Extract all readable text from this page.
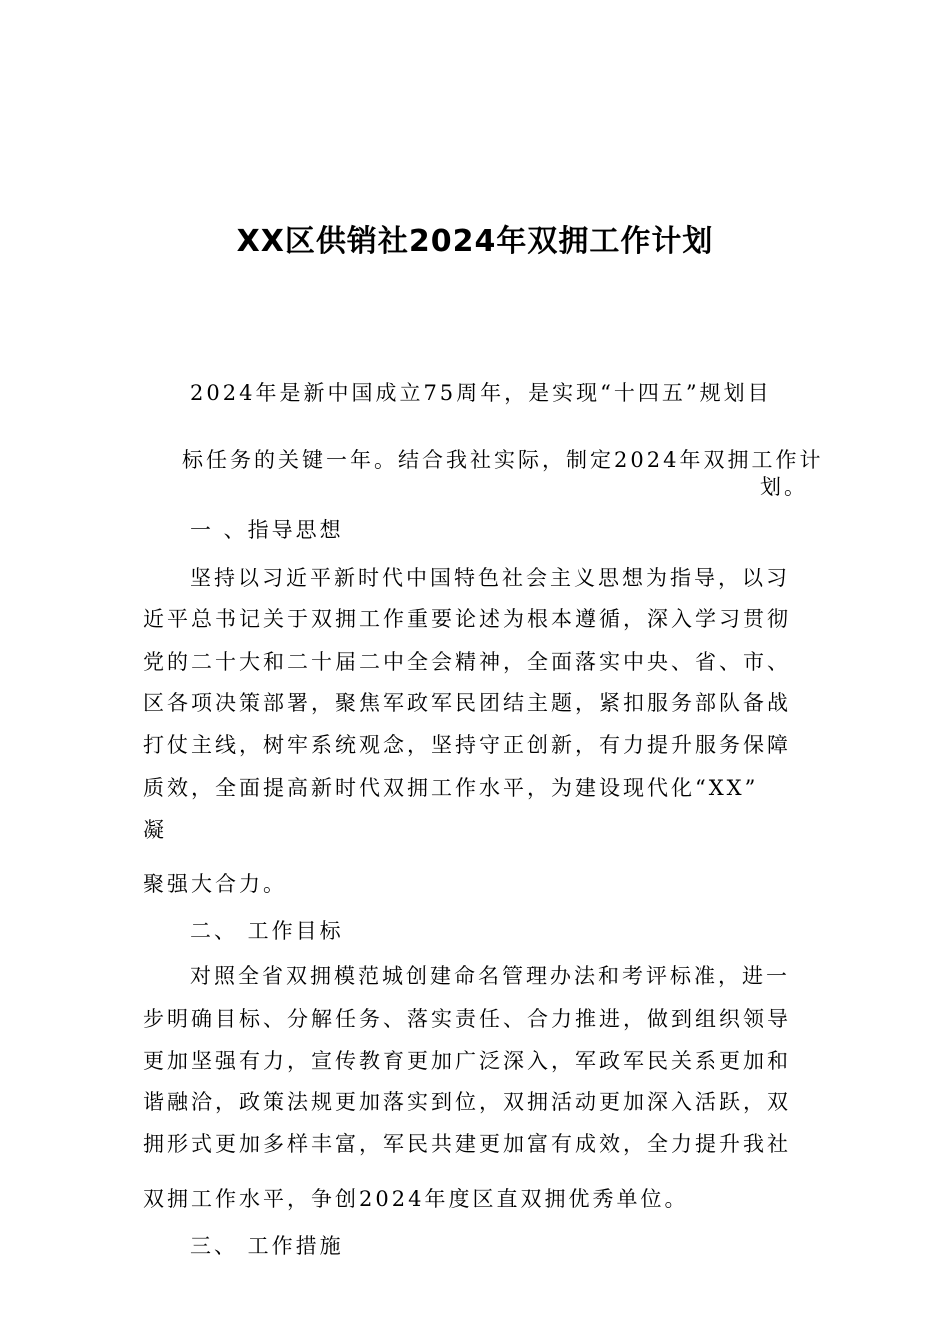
XX区供销社2024年双拥工作计划
2024年是新中国成立75周年，是实现“十四五”规划目
标任务的关键一年。结合我社实际，制定2024年双拥工作计
划。
一 、指导思想
坚持以习近平新时代中国特色社会主义思想为指导，以习
近平总书记关于双拥工作重要论述为根本遵循，深入学习贯彻
党的二十大和二十届二中全会精神，全面落实中央、省、市、
区各项决策部署，聚焦军政军民团结主题，紧扣服务部队备战
打仗主线，树牢系统观念，坚持守正创新，有力提升服务保障
质效，全面提高新时代双拥工作水平，为建设现代化“XX”
凝
聚强大合力。
二、 工作目标
对照全省双拥模范城创建命名管理办法和考评标准，进一
步明确目标、分解任务、落实责任、合力推进，做到组织领导
更加坚强有力，宣传教育更加广泛深入，军政军民关系更加和
谐融洽，政策法规更加落实到位，双拥活动更加深入活跃，双
拥形式更加多样丰富，军民共建更加富有成效，全力提升我社
双拥工作水平，争创2024年度区直双拥优秀单位。
三、 工作措施
